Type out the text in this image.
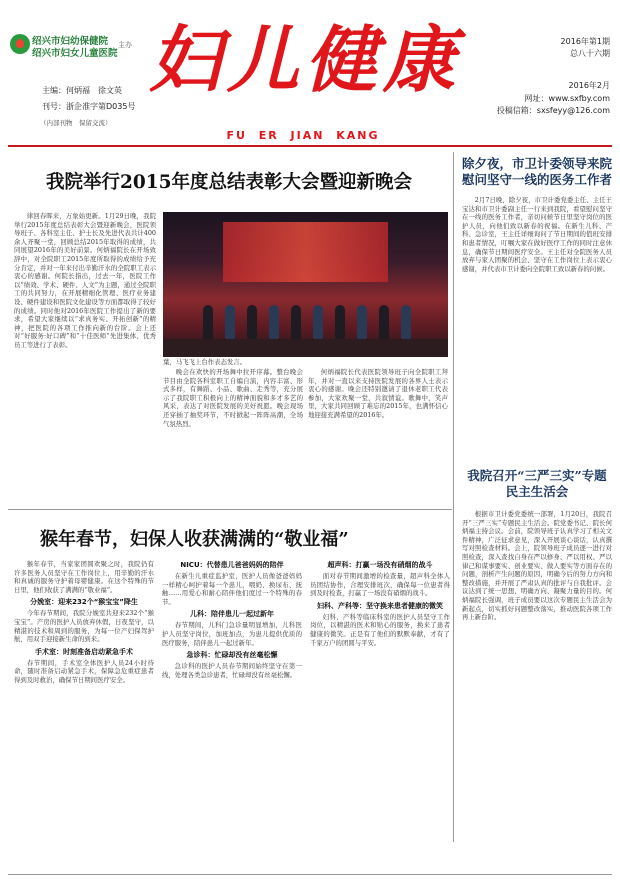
绍兴市妇幼保健院
绍兴市妇女儿童医院
主办 妇儿健康
FU ER JIAN KANG
主编：何炳福　徐文英
刊号：浙企准字第D035号
（内部刊物　保留交流）
2016年第1期
总八十六期
2016年2月
网址：www.sxfby.com
投稿信箱：sxsfeyy@126.com
我院举行2015年度总结表彰大会暨迎新晚会
律回春晖来，万象始更新。1月29日晚，我院举行2015年度总结表彰大会暨迎新晚会，医院领导班子、各科室主任、护士长及先进代表共计400余人齐聚一堂，回顾总结2015年取得的成绩，共同展望2016年的美好前景。何炳福院长在开场致辞中，对全院职工2015年度所取得的成绩给予充分肯定，并对一年来付出辛勤汗水的全院职工表示衷心的感谢。何院长指出，过去一年，医院工作以“绩效、学术、硬件、人文”为主题，通过全院职工的共同努力，在开展精细化管理、医疗业务建设、硬件建设和医院文化建设等方面都取得了较好的成绩。同时他对2016年医院工作提出了新的要求，希望大家继续以“求真务实、开拓创新”的精神，把医院的各项工作推向新的台阶。会上还对“好服务·好口碑”和“十佳医师”先进集体、优秀员工等进行了表彰。
葉，马飞飞上台作表态发言。
晚会在欢快的开场舞中拉开序幕。整台晚会节目由全院各科室职工自编自演，内容丰富、形式多样，有舞蹈、小品、歌曲、走秀等，充分展示了我院职工积极向上的精神面貌和多才多艺的风采，表达了对医院发展的美好祝愿。晚会现场还穿插了抽奖环节，不时掀起一阵阵高潮，全场气氛热烈。
何炳福院长代表医院领导班子向全院职工拜年，并对一直以来支持医院发展的各界人士表示衷心的感谢。晚会还特别邀请了退休老职工代表参加，大家欢聚一堂，共叙情谊。歌舞中，笑声里，大家共同回顾了难忘的2015年，也满怀信心地迎接充满希望的2016年。
除夕夜，市卫计委领导来院慰问坚守一线的医务工作者
2月7日晚，除夕夜，市卫计委党委主任、主任王宝达和市卫计委副主任一行来到我院，看望慰问坚守在一线的医务工作者，亲切问候节日里坚守岗位的医护人员，向他们致以新春的祝福。在新生儿科、产科、急诊室，王主任详细询问了节日期间的值班安排和患者情况，叮嘱大家在做好医疗工作的同时注意休息，确保节日期间医疗安全。王主任对全院医务人员放弃与家人团聚的机会、坚守在工作岗位上表示衷心感谢，并代表市卫计委向全院职工致以新春的问候。
我院召开“三严三实”专题民主生活会
根据市卫计委党委统一部署，1月20日，我院召开“三严三实”专题民主生活会。院党委书记、院长何炳福主持会议。会前，院领导班子认真学习了相关文件精神，广泛征求意见，深入开展谈心谈话，认真撰写对照检查材料。会上，院领导班子成员逐一进行对照检查，深入查找自身在严以修身、严以用权、严以律己和谋事要实、创业要实、做人要实等方面存在的问题，剖析产生问题的原因，明确今后的努力方向和整改措施，并开展了严肃认真的批评与自我批评。会议达到了统一思想、明确方向、凝聚力量的目的。何炳福院长强调，班子成员要以这次专题民主生活会为新起点，切实抓好问题整改落实，推动医院各项工作再上新台阶。
猴年春节，妇保人收获满满的“敬业福”
猴年春节，当家家团圆欢聚之时，我院仍有许多医务人员坚守在工作岗位上，用辛勤的汗水和真诚的服务守护着母婴健康。在这个特殊的节日里，他们收获了满满的“敬业福”。
分娩室：迎来232个“猴宝宝”降生
今年春节期间，我院分娩室共迎来232个“猴宝宝”。产房的医护人员放弃休假，日夜坚守，以精湛的技术和周到的服务，为每一位产妇保驾护航，用双手迎接新生命的到来。
手术室：时刻准备启动紧急手术
春节期间，手术室全体医护人员24小时待命，随时准备启动紧急手术，保障急危重症患者得到及时救治，确保节日期间医疗安全。
NICU：代替患儿爸爸妈妈的陪伴
在新生儿重症监护室，医护人员像爸爸妈妈一样精心呵护着每一个患儿，喂奶、换尿布、抚触……用爱心和耐心陪伴他们度过一个特殊的春节。
儿科：陪伴患儿一起过新年
春节期间，儿科门急诊量明显增加，儿科医护人员坚守岗位，加班加点，为患儿提供优质的医疗服务，陪伴患儿一起过新年。
急诊科：忙碌却没有丝毫松懈
急诊科的医护人员春节期间始终坚守在第一线，处理各类急诊患者，忙碌却没有丝毫松懈。
超声科：打赢一场没有硝烟的战斗
面对春节期间激增的检查量，超声科全体人员团结协作，合理安排班次，确保每一位患者得到及时检查，打赢了一场没有硝烟的战斗。
妇科、产科等：坚守换来患者健康的微笑
妇科、产科等临床科室的医护人员坚守工作岗位，以精湛的医术和贴心的服务，换来了患者健康的微笑。正是有了他们的默默奉献，才有了千家万户的团圆与平安。
